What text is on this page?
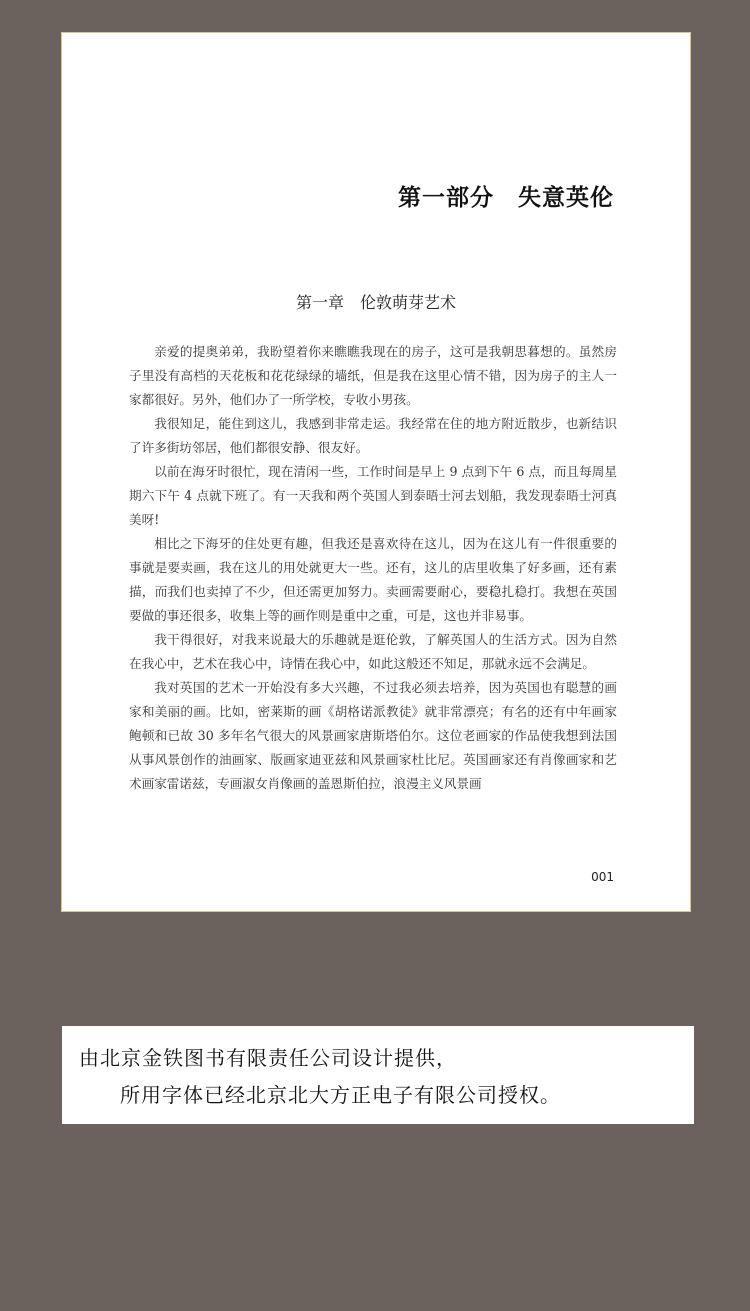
第一部分　失意英伦
第一章　伦敦萌芽艺术

亲爱的提奥弟弟，我盼望着你来瞧瞧我现在的房子，这可是我朝思暮想的。虽然房子里没有高档的天花板和花花绿绿的墙纸，但是我在这里心情不错，因为房子的主人一家都很好。另外，他们办了一所学校，专收小男孩。

我很知足，能住到这儿，我感到非常走运。我经常在住的地方附近散步，也新结识了许多街坊邻居，他们都很安静、很友好。

以前在海牙时很忙，现在清闲一些，工作时间是早上 9 点到下午 6 点，而且每周星期六下午 4 点就下班了。有一天我和两个英国人到泰晤士河去划船，我发现泰晤士河真美呀!

相比之下海牙的住处更有趣，但我还是喜欢待在这儿，因为在这儿有一件很重要的事就是要卖画，我在这儿的用处就更大一些。还有，这儿的店里收集了好多画，还有素描，而我们也卖掉了不少，但还需更加努力。卖画需要耐心，要稳扎稳打。我想在英国要做的事还很多，收集上等的画作则是重中之重，可是，这也并非易事。

我干得很好，对我来说最大的乐趣就是逛伦敦，了解英国人的生活方式。因为自然在我心中，艺术在我心中，诗情在我心中，如此这般还不知足，那就永远不会满足。

我对英国的艺术一开始没有多大兴趣，不过我必须去培养，因为英国也有聪慧的画家和美丽的画。比如，密莱斯的画《胡格诺派教徒》就非常漂亮；有名的还有中年画家鲍顿和已故 30 多年名气很大的风景画家唐斯塔伯尔。这位老画家的作品使我想到法国从事风景创作的油画家、版画家迪亚兹和风景画家杜比尼。英国画家还有肖像画家和艺术画家雷诺兹，专画淑女肖像画的盖恩斯伯拉，浪漫主义风景画

001
由北京金铁图书有限责任公司设计提供，
所用字体已经北京北大方正电子有限公司授权。
